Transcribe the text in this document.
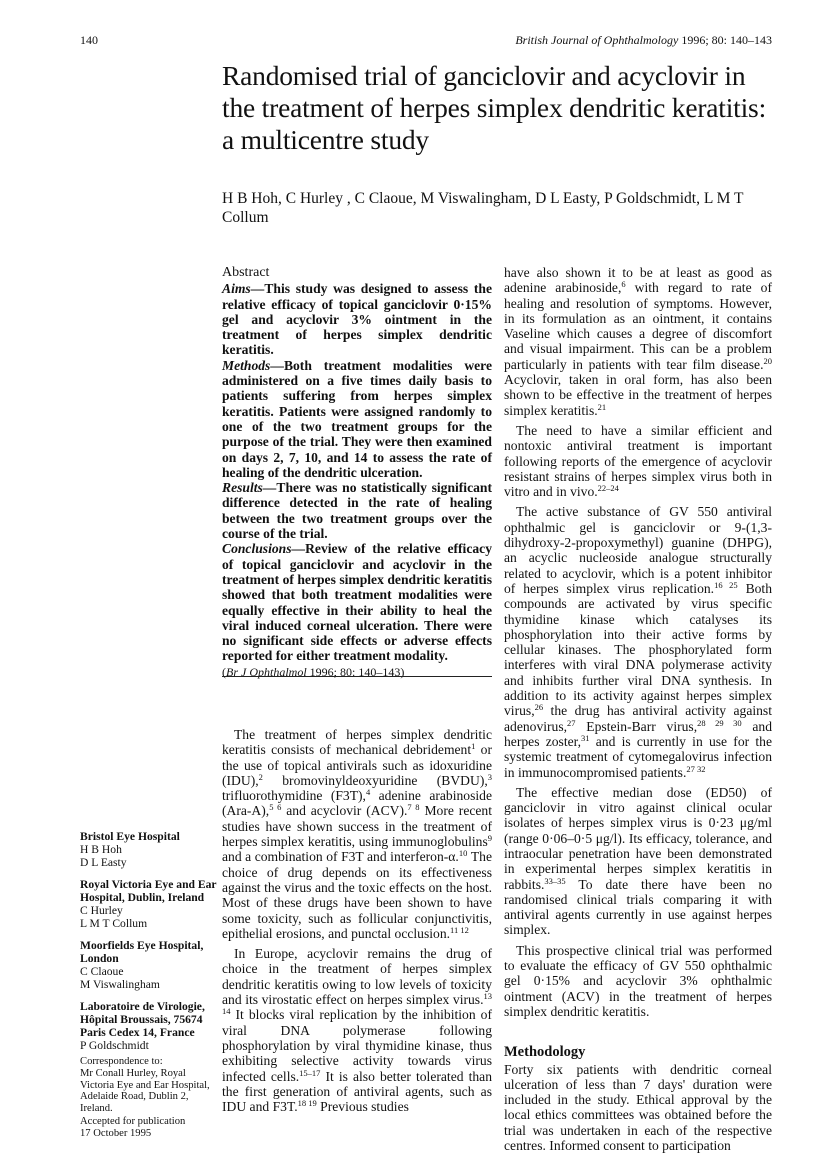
140	British Journal of Ophthalmology 1996; 80: 140–143
Randomised trial of ganciclovir and acyclovir in the treatment of herpes simplex dendritic keratitis: a multicentre study
H B Hoh, C Hurley , C Claoue, M Viswalingham, D L Easty, P Goldschmidt, L M T Collum
Abstract

Aims—This study was designed to assess the relative efficacy of topical ganciclovir 0·15% gel and acyclovir 3% ointment in the treatment of herpes simplex dendritic keratitis.

Methods—Both treatment modalities were administered on a five times daily basis to patients suffering from herpes simplex keratitis. Patients were assigned randomly to one of the two treatment groups for the purpose of the trial. They were then examined on days 2, 7, 10, and 14 to assess the rate of healing of the dendritic ulceration.

Results—There was no statistically significant difference detected in the rate of healing between the two treatment groups over the course of the trial.

Conclusions—Review of the relative efficacy of topical ganciclovir and acyclovir in the treatment of herpes simplex dendritic keratitis showed that both treatment modalities were equally effective in their ability to heal the viral induced corneal ulceration. There were no significant side effects or adverse effects reported for either treatment modality.

(Br J Ophthalmol 1996; 80: 140–143)

The treatment of herpes simplex dendritic keratitis consists of mechanical debridement$^1$ or the use of topical antivirals such as idoxuridine (IDU),$^2$ bromovinyldeoxyuridine (BVDU),$^3$ trifluorothymidine (F3T),$^4$ adenine arabinoside (Ara-A),$^{5 6}$ and acyclovir (ACV).$^{7 8}$ More recent studies have shown success in the treatment of herpes simplex keratitis, using immunoglobulins$^9$ and a combination of F3T and interferon-α.$^{10}$ The choice of drug depends on its effectiveness against the virus and the toxic effects on the host. Most of these drugs have been shown to have some toxicity, such as follicular conjunctivitis, epithelial erosions, and punctal occlusion.$^{11 12}$

In Europe, acyclovir remains the drug of choice in the treatment of herpes simplex dendritic keratitis owing to low levels of toxicity and its virostatic effect on herpes simplex virus.$^{13 14}$ It blocks viral replication by the inhibition of viral DNA polymerase following phosphorylation by viral thymidine kinase, thus exhibiting selective activity towards virus infected cells.$^{15-17}$ It is also better tolerated than the first generation of antiviral agents, such as IDU and F3T.$^{18 19}$ Previous studies

have also shown it to be at least as good as adenine arabinoside,$^6$ with regard to rate of healing and resolution of symptoms. However, in its formulation as an ointment, it contains Vaseline which causes a degree of discomfort and visual impairment. This can be a problem particularly in patients with tear film disease.$^{20}$ Acyclovir, taken in oral form, has also been shown to be effective in the treatment of herpes simplex keratitis.$^{21}$

The need to have a similar efficient and nontoxic antiviral treatment is important following reports of the emergence of acyclovir resistant strains of herpes simplex virus both in vitro and in vivo.$^{22-24}$

The active substance of GV 550 antiviral ophthalmic gel is ganciclovir or 9-(1,3-dihydroxy-2-propoxymethyl) guanine (DHPG), an acyclic nucleoside analogue structurally related to acyclovir, which is a potent inhibitor of herpes simplex virus replication.$^{16 25}$ Both compounds are activated by virus specific thymidine kinase which catalyses its phosphorylation into their active forms by cellular kinases. The phosphorylated form interferes with viral DNA polymerase activity and inhibits further viral DNA synthesis. In addition to its activity against herpes simplex virus,$^{26}$ the drug has antiviral activity against adenovirus,$^{27}$ Epstein-Barr virus,$^{28 29 30}$ and herpes zoster,$^{31}$ and is currently in use for the systemic treatment of cytomegalovirus infection in immunocompromised patients.$^{27 32}$

The effective median dose (ED50) of ganciclovir in vitro against clinical ocular isolates of herpes simplex virus is 0·23 μg/ml (range 0·06–0·5 μg/l). Its efficacy, tolerance, and intraocular penetration have been demonstrated in experimental herpes simplex keratitis in rabbits.$^{33-35}$ To date there have been no randomised clinical trials comparing it with antiviral agents currently in use against herpes simplex.

This prospective clinical trial was performed to evaluate the efficacy of GV 550 ophthalmic gel 0·15% and acyclovir 3% ophthalmic ointment (ACV) in the treatment of herpes simplex dendritic keratitis.

Methodology

Forty six patients with dendritic corneal ulceration of less than 7 days' duration were included in the study. Ethical approval by the local ethics committees was obtained before the trial was undertaken in each of the respective centres. Informed consent to participation

Bristol Eye Hospital
H B Hoh
D L Easty
Royal Victoria Eye and Ear Hospital, Dublin, Ireland
C Hurley
L M T Collum
Moorfields Eye Hospital, London
C Claoue
M Viswalingham
Laboratoire de Virologie, Hôpital Broussais, 75674 Paris Cedex 14, France
P Goldschmidt
Correspondence to:
Mr Conall Hurley, Royal Victoria Eye and Ear Hospital, Adelaide Road, Dublin 2, Ireland.
Accepted for publication
17 October 1995
